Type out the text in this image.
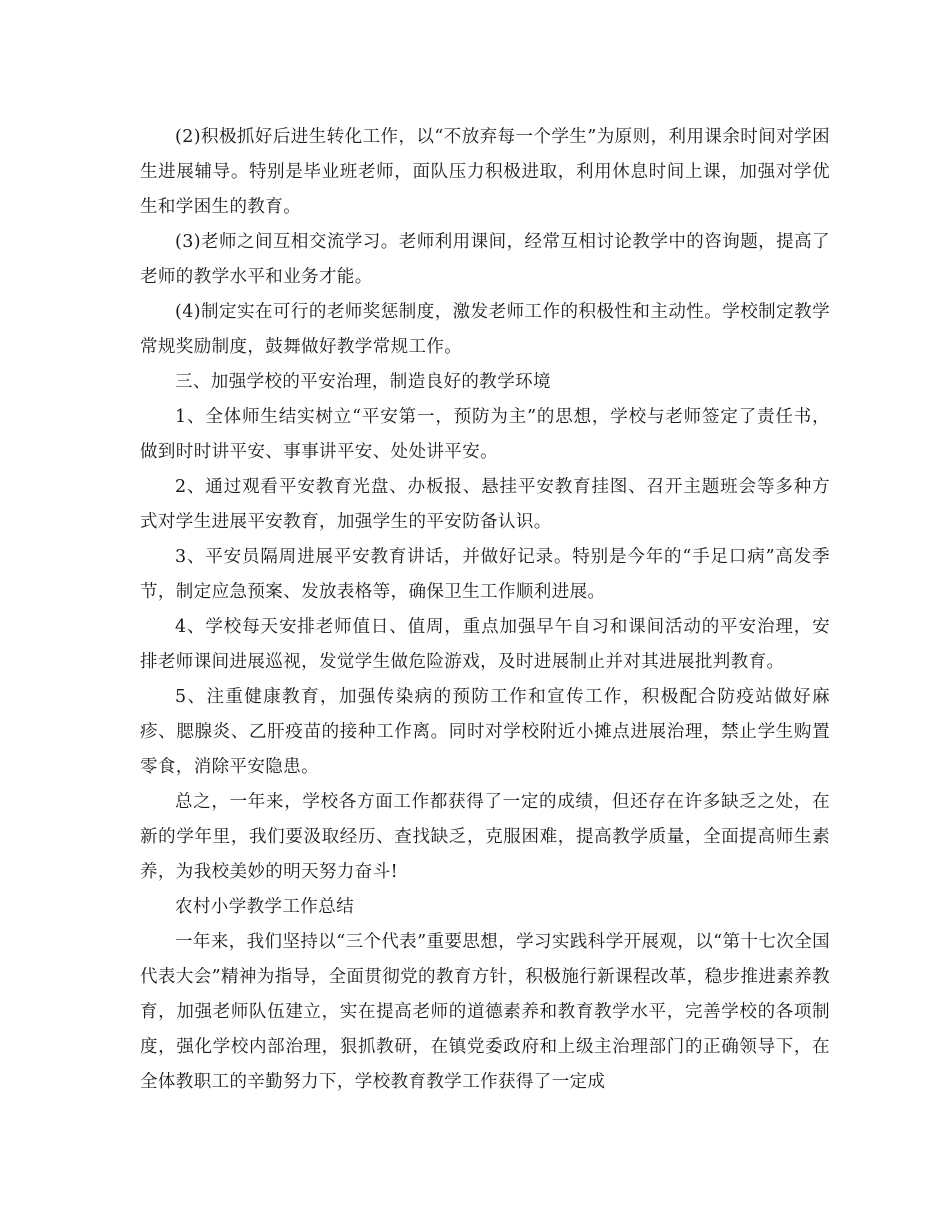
(2)积极抓好后进生转化工作，以“不放弃每一个学生”为原则，利用课余时间对学困生进展辅导。特别是毕业班老师，面队压力积极进取，利用休息时间上课，加强对学优生和学困生的教育。

(3)老师之间互相交流学习。老师利用课间，经常互相讨论教学中的咨询题，提高了老师的教学水平和业务才能。

(4)制定实在可行的老师奖惩制度，激发老师工作的积极性和主动性。学校制定教学常规奖励制度，鼓舞做好教学常规工作。

三、加强学校的平安治理，制造良好的教学环境

1、全体师生结实树立“平安第一，预防为主”的思想，学校与老师签定了责任书，做到时时讲平安、事事讲平安、处处讲平安。

2、通过观看平安教育光盘、办板报、悬挂平安教育挂图、召开主题班会等多种方式对学生进展平安教育，加强学生的平安防备认识。

3、平安员隔周进展平安教育讲话，并做好记录。特别是今年的“手足口病”高发季节，制定应急预案、发放表格等，确保卫生工作顺利进展。

4、学校每天安排老师值日、值周，重点加强早午自习和课间活动的平安治理，安排老师课间进展巡视，发觉学生做危险游戏，及时进展制止并对其进展批判教育。

5、注重健康教育，加强传染病的预防工作和宣传工作，积极配合防疫站做好麻疹、腮腺炎、乙肝疫苗的接种工作离。同时对学校附近小摊点进展治理，禁止学生购置零食，消除平安隐患。

总之，一年来，学校各方面工作都获得了一定的成绩，但还存在许多缺乏之处，在新的学年里，我们要汲取经历、查找缺乏，克服困难，提高教学质量，全面提高师生素养，为我校美妙的明天努力奋斗!

农村小学教学工作总结

一年来，我们坚持以“三个代表”重要思想，学习实践科学开展观，以“第十七次全国代表大会”精神为指导，全面贯彻党的教育方针，积极施行新课程改革，稳步推进素养教育，加强老师队伍建立，实在提高老师的道德素养和教育教学水平，完善学校的各项制度，强化学校内部治理，狠抓教研，在镇党委政府和上级主治理部门的正确领导下，在全体教职工的辛勤努力下，学校教育教学工作获得了一定成
